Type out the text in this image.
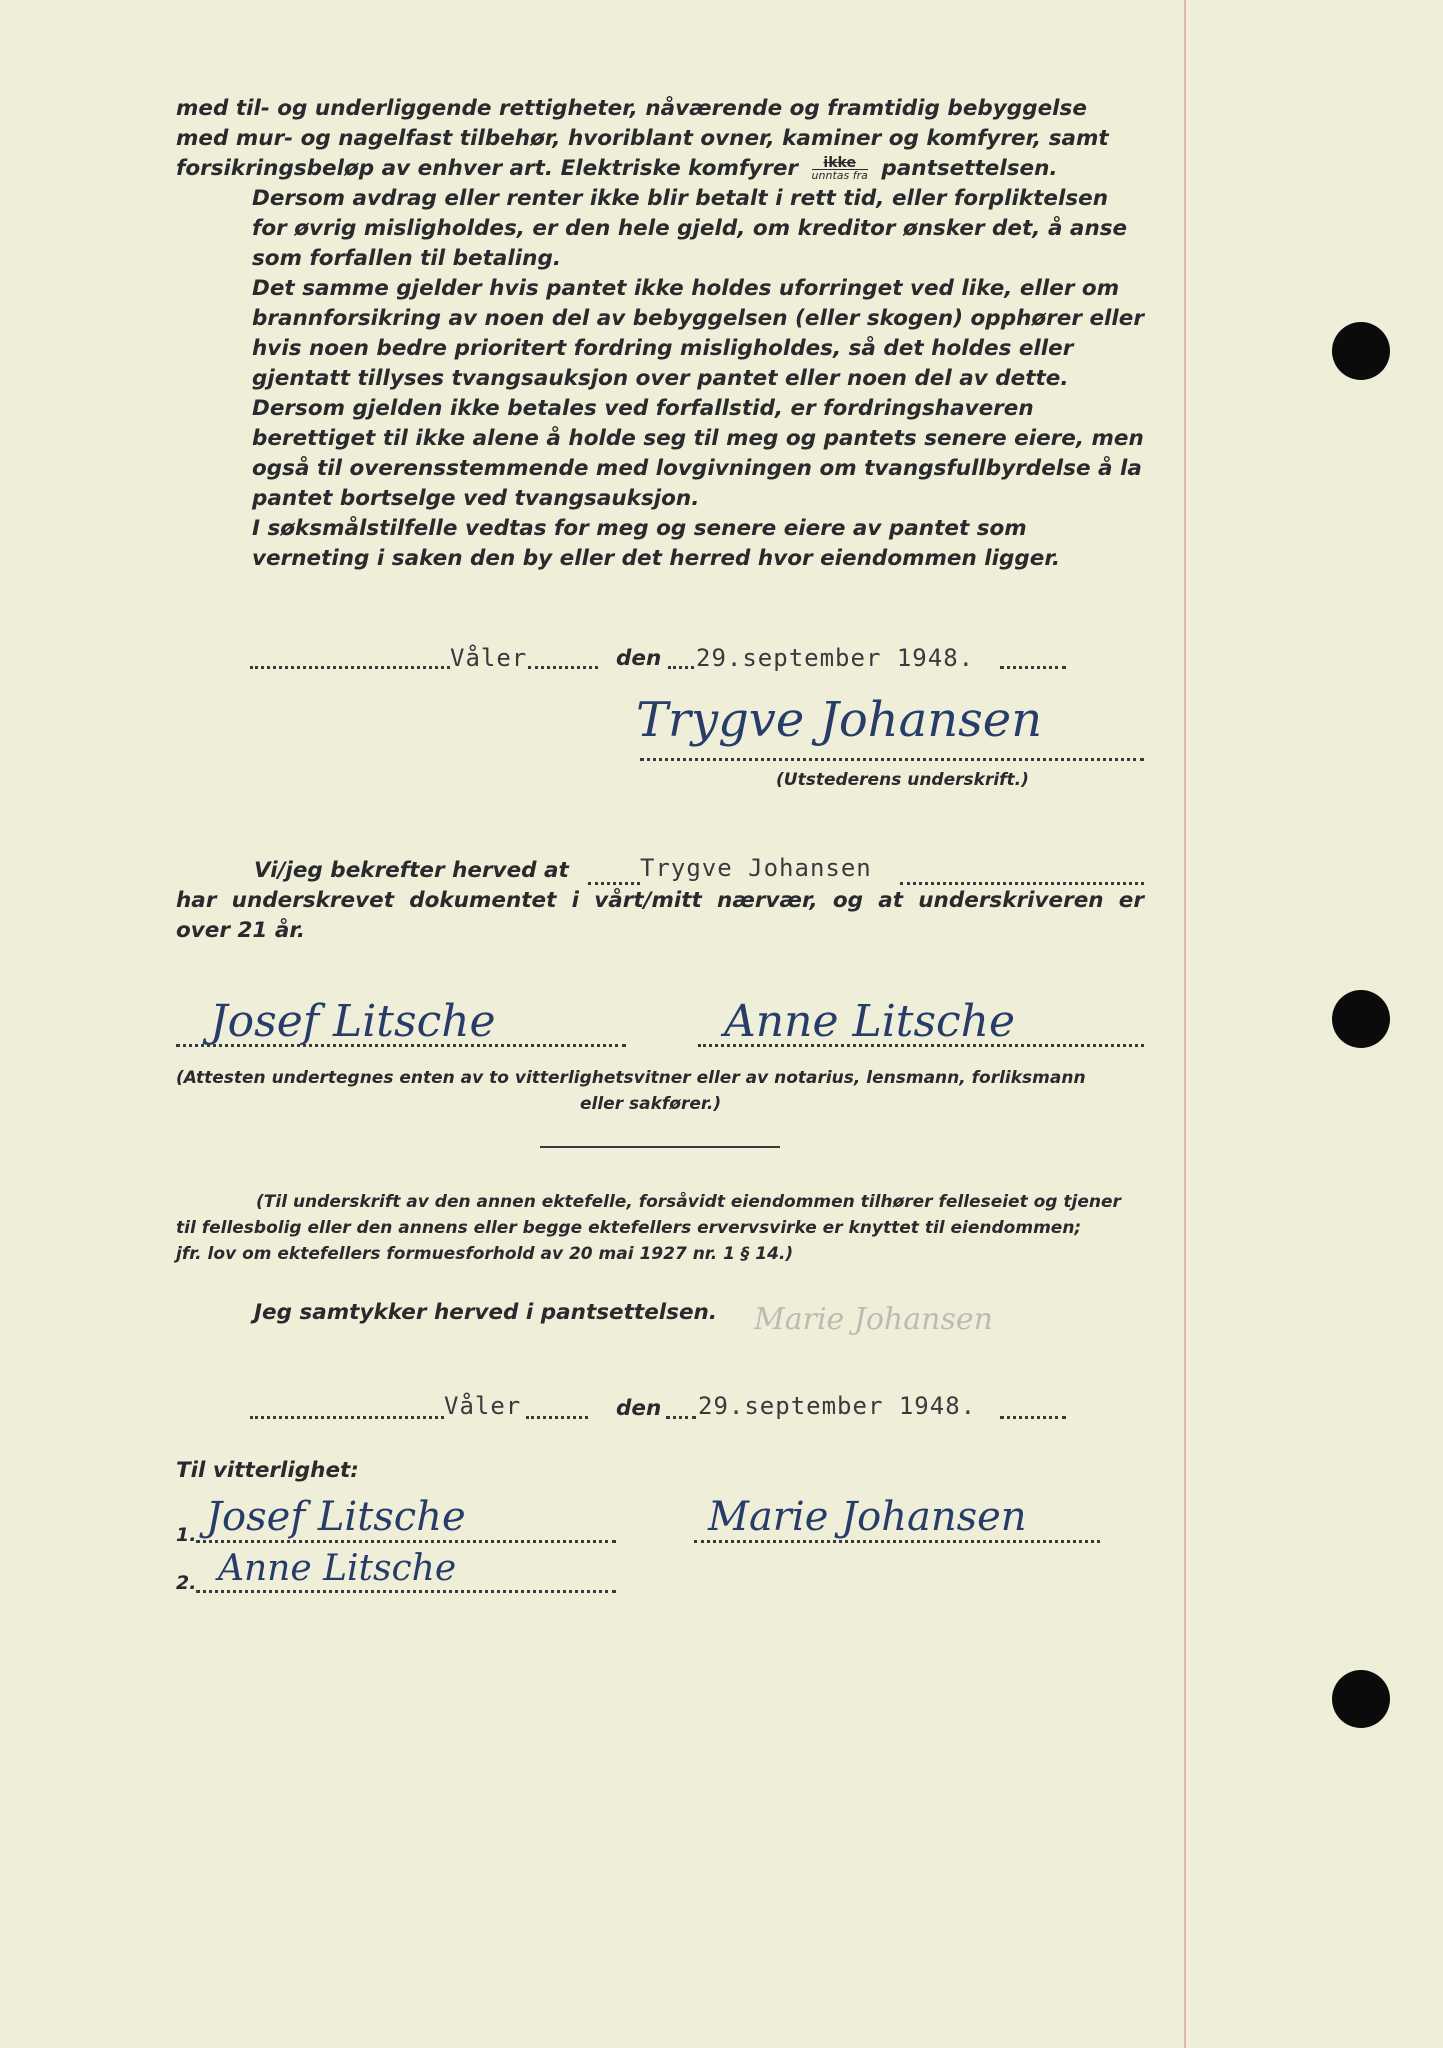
med til- og underliggende rettigheter, nåværende og framtidig bebyggelse med mur- og nagelfast tilbehør, hvoriblant ovner, kaminer og komfyrer, samt forsikringsbeløp av enhver art. Elektriske komfyrer $\frac{\text{ikke}}{\text{unntas fra}}$ pantsettelsen.
Dersom avdrag eller renter ikke blir betalt i rett tid, eller forpliktelsen for øvrig misligholdes, er den hele gjeld, om kreditor ønsker det, å anse som forfallen til betaling.
Det samme gjelder hvis pantet ikke holdes uforringet ved like, eller om brannforsikring av noen del av bebyggelsen (eller skogen) opphører eller hvis noen bedre prioritert fordring misligholdes, så det holdes eller gjentatt tillyses tvangsauksjon over pantet eller noen del av dette.
Dersom gjelden ikke betales ved forfallstid, er fordringshaveren berettiget til ikke alene å holde seg til meg og pantets senere eiere, men også til overensstemmende med lovgivningen om tvangsfullbyrdelse å la pantet bortselge ved tvangsauksjon.
I søksmålstilfelle vedtas for meg og senere eiere av pantet som verneting i saken den by eller det herred hvor eiendommen ligger.
Våler	den 29.september 1948.
Trygve Johansen
(Utstederens underskrift.)
Vi/jeg bekrefter herved at	Trygve Johansen
har underskrevet dokumentet i vårt/mitt nærvær, og at underskriveren er
over 21 år.
Josef Litsche	Anne Litsche
(Attesten undertegnes enten av to vitterlighetsvitner eller av notarius, lensmann, forliksmann
eller sakfører.)
(Til underskrift av den annen ektefelle, forsåvidt eiendommen tilhører felleseiet og tjener
til fellesbolig eller den annens eller begge ektefellers ervervsvirke er knyttet til eiendommen;
jfr. lov om ektefellers formuesforhold av 20 mai 1927 nr. 1 § 14.)
Jeg samtykker herved i pantsettelsen. Marie Johansen
Våler	den 29.september 1948.
Til vitterlighet:
1. Josef Litsche
2. Anne Litsche
Marie Johansen
